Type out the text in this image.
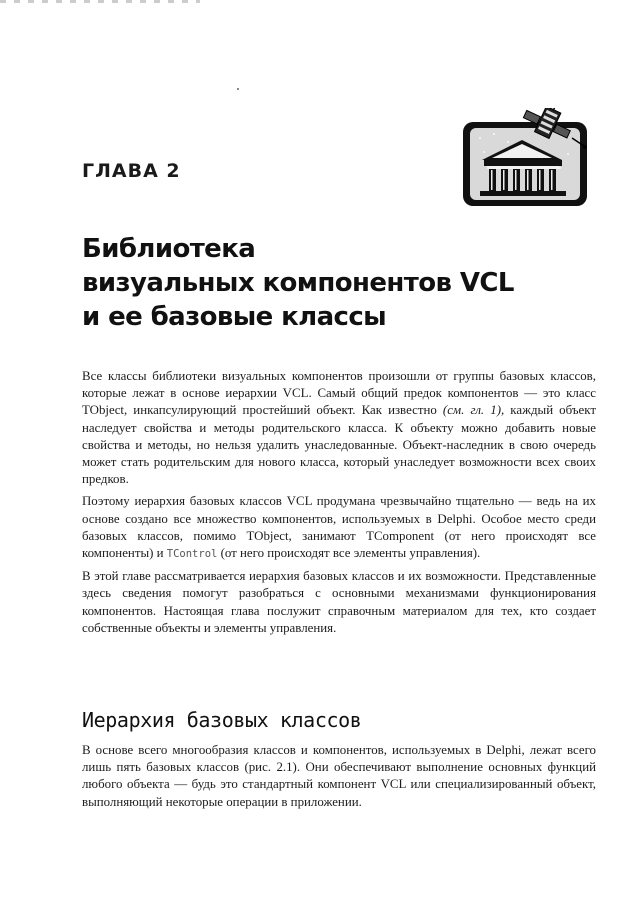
ГЛАВА 2
Библиотека
визуальных компонентов VCL
и ее базовые классы

Все классы библиотеки визуальных компонентов произошли от группы базовых классов, которые лежат в основе иерархии VCL. Самый общий предок компонентов — это класс TObject, инкапсулирующий простейший объект. Как известно (см. гл. 1), каждый объект наследует свойства и методы родительского класса. К объекту можно добавить новые свойства и методы, но нельзя удалить унаследованные. Объект-наследник в свою очередь может стать родительским для нового класса, который унаследует возможности всех своих предков.

Поэтому иерархия базовых классов VCL продумана чрезвычайно тщательно — ведь на их основе создано все множество компонентов, используемых в Delphi. Особое место среди базовых классов, помимо TObject, занимают TComponent (от него происходят все компоненты) и TControl (от него происходят все элементы управления).

В этой главе рассматривается иерархия базовых классов и их возможности. Представленные здесь сведения помогут разобраться с основными механизмами функционирования компонентов. Настоящая глава послужит справочным материалом для тех, кто создает собственные объекты и элементы управления.

Иерархия базовых классов

В основе всего многообразия классов и компонентов, используемых в Delphi, лежат всего лишь пять базовых классов (рис. 2.1). Они обеспечивают выполнение основных функций любого объекта — будь это стандартный компонент VCL или специализированный объект, выполняющий некоторые операции в приложении.
